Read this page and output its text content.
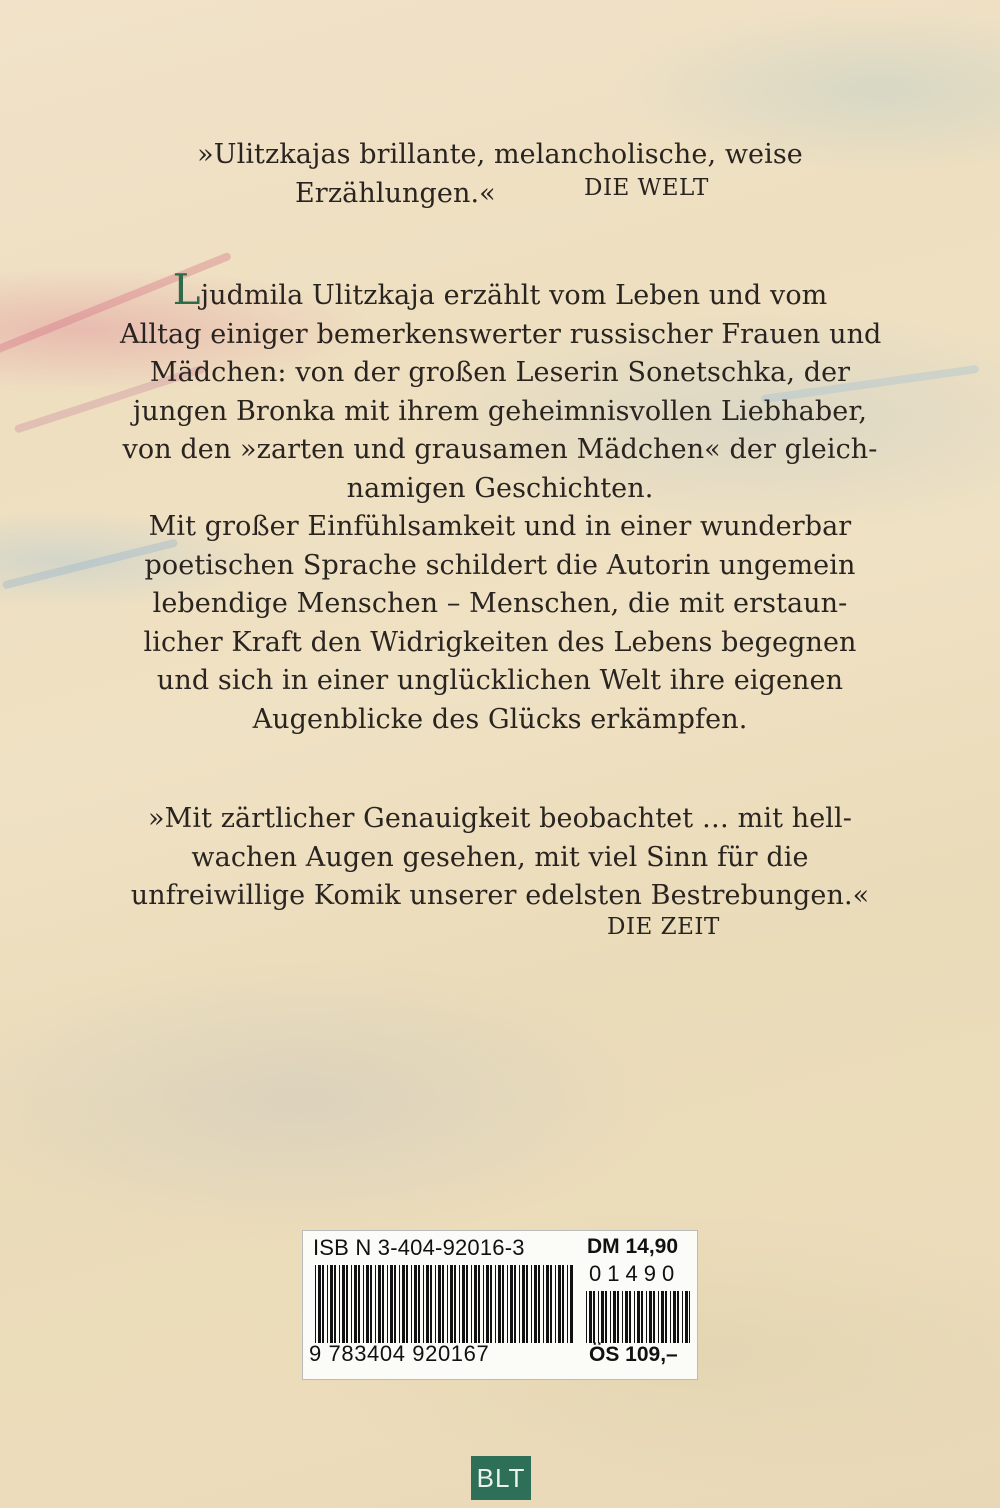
»Ulitzkajas brillante, melancholische, weise
Erzählungen.«	DIE WELT
Ljudmila Ulitzkaja erzählt vom Leben und vom
Alltag einiger bemerkenswerter russischer Frauen und
Mädchen: von der großen Leserin Sonetschka, der
jungen Bronka mit ihrem geheimnisvollen Liebhaber,
von den »zarten und grausamen Mädchen« der gleich-
namigen Geschichten.
Mit großer Einfühlsamkeit und in einer wunderbar
poetischen Sprache schildert die Autorin ungemein
lebendige Menschen – Menschen, die mit erstaun-
licher Kraft den Widrigkeiten des Lebens begegnen
und sich in einer unglücklichen Welt ihre eigenen
Augenblicke des Glücks erkämpfen.
»Mit zärtlicher Genauigkeit beobachtet … mit hell-
wachen Augen gesehen, mit viel Sinn für die
unfreiwillige Komik unserer edelsten Bestrebungen.«
DIE ZEIT
ISB N 3-404-92016-3	DM 14,90
01490
9 783404 920167	ÖS 109,–
BLT
